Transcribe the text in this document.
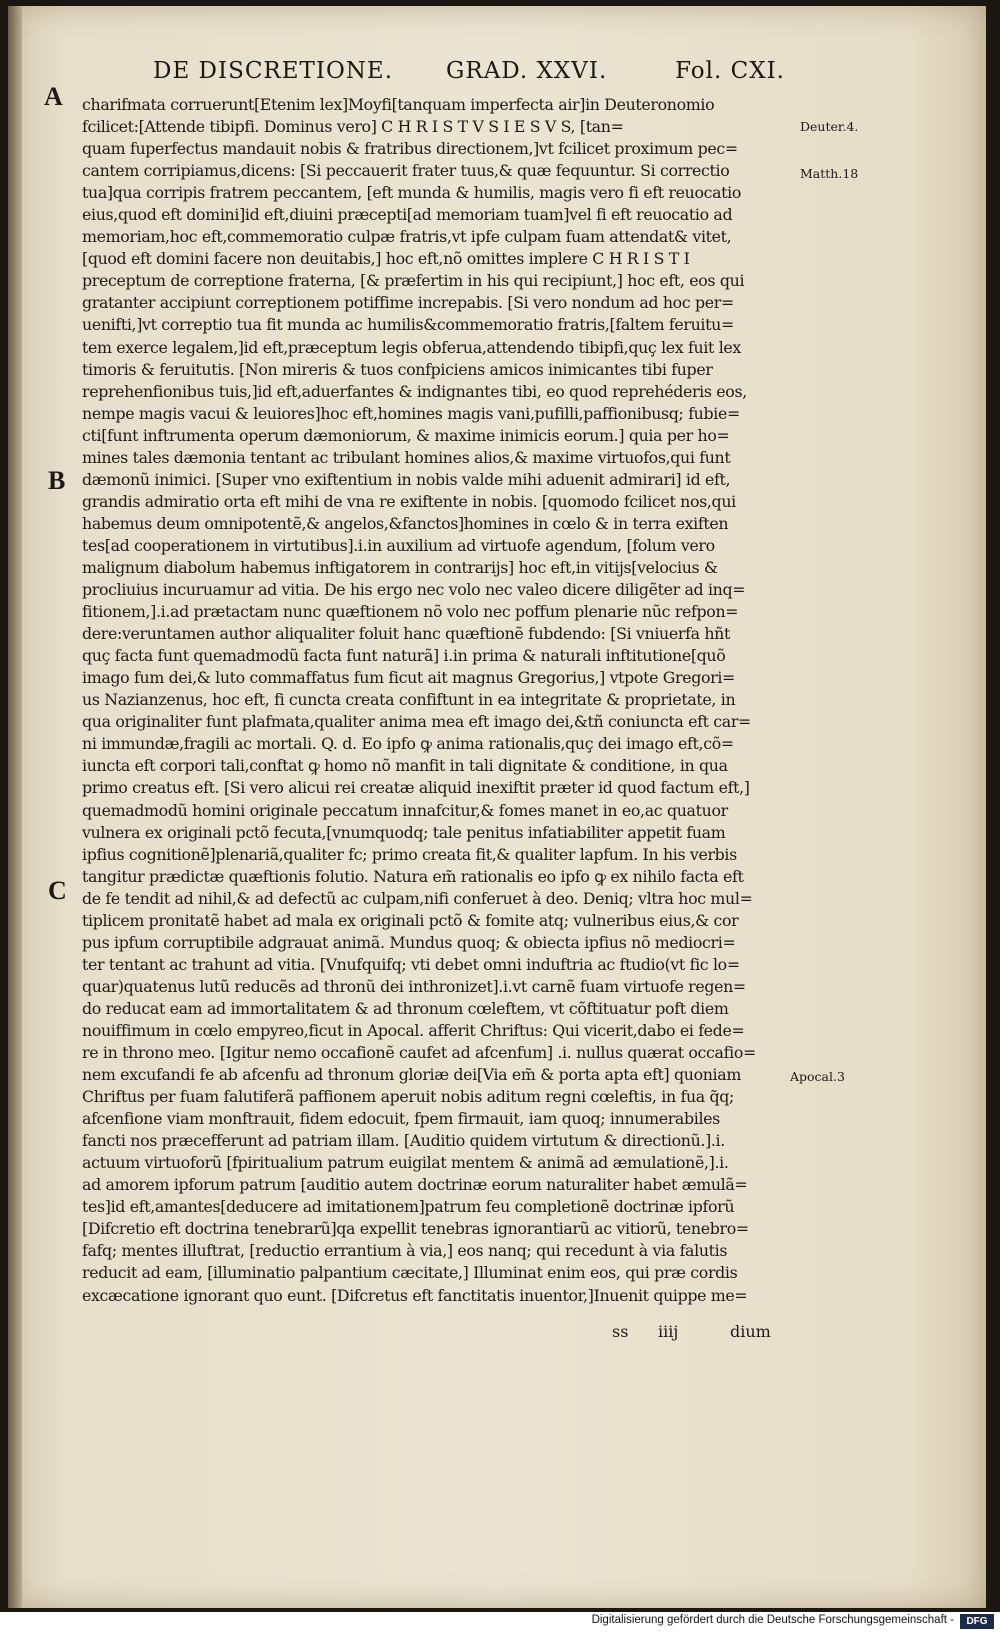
DE DISCRETIONE. GRAD. XXVI.	Fol. CXI.
A
B
C
Deuter.4.
Matth.18
Apocal.3
charifmata corruerunt[Etenim lex]Moyfi[tanquam imperfecta air]in Deuteronomio
fcilicet:[Attende tibipfi. Dominus vero] C H R I S T V S I E S V S, [tan=
quam fuperfectus mandauit nobis & fratribus directionem,]vt fcilicet proximum pec=
cantem corripiamus,dicens: [Si peccauerit frater tuus,& quæ fequuntur. Si correctio
tua]qua corripis fratrem peccantem, [eft munda & humilis, magis vero fi eft reuocatio
eius,quod eft domini]id eft,diuini præcepti[ad memoriam tuam]vel fi eft reuocatio ad
memoriam,hoc eft,commemoratio culpæ fratris,vt ipfe culpam fuam attendat& vitet,
[quod eft domini facere non deuitabis,] hoc eft,nõ omittes implere C H R I S T I
preceptum de correptione fraterna, [& præfertim in his qui recipiunt,] hoc eft, eos qui
gratanter accipiunt correptionem potiffime increpabis. [Si vero nondum ad hoc per=
uenifti,]vt correptio tua fit munda ac humilis&commemoratio fratris,[faltem feruitu=
tem exerce legalem,]id eft,præceptum legis obferua,attendendo tibipfi,quç lex fuit lex
timoris & feruitutis. [Non mireris & tuos confpiciens amicos inimicantes tibi fuper
reprehenfionibus tuis,]id eft,aduerfantes & indignantes tibi, eo quod reprehéderis eos,
nempe magis vacui & leuiores]hoc eft,homines magis vani,pufilli,paffionibusq; fubie=
cti[funt inftrumenta operum dæmoniorum, & maxime inimicis eorum.] quia per ho=
mines tales dæmonia tentant ac tribulant homines alios,& maxime virtuofos,qui funt
dæmonũ inimici. [Super vno exiftentium in nobis valde mihi aduenit admirari] id eft,
grandis admiratio orta eft mihi de vna re exiftente in nobis. [quomodo fcilicet nos,qui
habemus deum omnipotentẽ,& angelos,&fanctos]homines in cœlo & in terra exiften
tes[ad cooperationem in virtutibus].i.in auxilium ad virtuofe agendum, [folum vero
malignum diabolum habemus inftigatorem in contrarijs] hoc eft,in vitijs[velocius &
procliuius incuruamur ad vitia. De his ergo nec volo nec valeo dicere diligẽter ad inq=
fitionem,].i.ad prætactam nunc quæftionem nõ volo nec poffum plenarie nũc refpon=
dere:veruntamen author aliqualiter foluit hanc quæftionẽ fubdendo: [Si vniuerfa hñt
quç facta funt quemadmodũ facta funt naturã] i.in prima & naturali inftitutione[quõ
imago fum dei,& luto commaffatus fum ficut ait magnus Gregorius,] vtpote Gregori=
us Nazianzenus, hoc eft, fi cuncta creata confiftunt in ea integritate & proprietate, in
qua originaliter funt plafmata,qualiter anima mea eft imago dei,&tñ coniuncta eft car=
ni immundæ,fragili ac mortali. Q. d. Eo ipfo ꝙ anima rationalis,quç dei imago eft,cõ=
iuncta eft corpori tali,conftat ꝙ homo nõ manfit in tali dignitate & conditione, in qua
primo creatus eft. [Si vero alicui rei creatæ aliquid inexiftit præter id quod factum eft,]
quemadmodũ homini originale peccatum innafcitur,& fomes manet in eo,ac quatuor
vulnera ex originali pctõ fecuta,[vnumquodq; tale penitus infatiabiliter appetit fuam
ipfius cognitionẽ]plenariã,qualiter fc; primo creata fit,& qualiter lapfum. In his verbis
tangitur prædictæ quæftionis folutio. Natura em̃ rationalis eo ipfo ꝙ ex nihilo facta eft
de fe tendit ad nihil,& ad defectũ ac culpam,nifi conferuet à deo. Deniq; vltra hoc mul=
tiplicem pronitatẽ habet ad mala ex originali pctõ & fomite atq; vulneribus eius,& cor
pus ipfum corruptibile adgrauat animã. Mundus quoq; & obiecta ipfius nõ mediocri=
ter tentant ac trahunt ad vitia. [Vnufquifq; vti debet omni induftria ac ftudio(vt fic lo=
quar)quatenus lutũ reducẽs ad thronũ dei inthronizet].i.vt carnẽ fuam virtuofe regen=
do reducat eam ad immortalitatem & ad thronum cœleftem, vt cõftituatur poft diem
nouiffimum in cœlo empyreo,ficut in Apocal. afferit Chriftus: Qui vicerit,dabo ei fede=
re in throno meo. [Igitur nemo occafionẽ caufet ad afcenfum] .i. nullus quærat occafio=
nem excufandi fe ab afcenfu ad thronum gloriæ dei[Via em̃ & porta apta eft] quoniam
Chriftus per fuam falutiferã paffionem aperuit nobis aditum regni cœleftis, in fua q̃q;
afcenfione viam monftrauit, fidem edocuit, fpem firmauit, iam quoq; innumerabiles
fancti nos præcefferunt ad patriam illam. [Auditio quidem virtutum & directionũ.].i.
actuum virtuoforũ [fpiritualium patrum euigilat mentem & animã ad æmulationẽ,].i.
ad amorem ipforum patrum [auditio autem doctrinæ eorum naturaliter habet æmulã=
tes]id eft,amantes[deducere ad imitationem]patrum feu completionẽ doctrinæ ipforũ
[Difcretio eft doctrina tenebrarũ]qa expellit tenebras ignorantiarũ ac vitiorũ, tenebro=
fafq; mentes illuftrat, [reductio errantium à via,] eos nanq; qui recedunt à via falutis
reducit ad eam, [illuminatio palpantium cæcitate,] Illuminat enim eos, qui præ cordis
excæcatione ignorant quo eunt. [Difcretus eft fanctitatis inuentor,]Inuenit quippe me=
ss iiij	dium
Digitalisierung gefördert durch die Deutsche Forschungsgemeinschaft -	DFG
